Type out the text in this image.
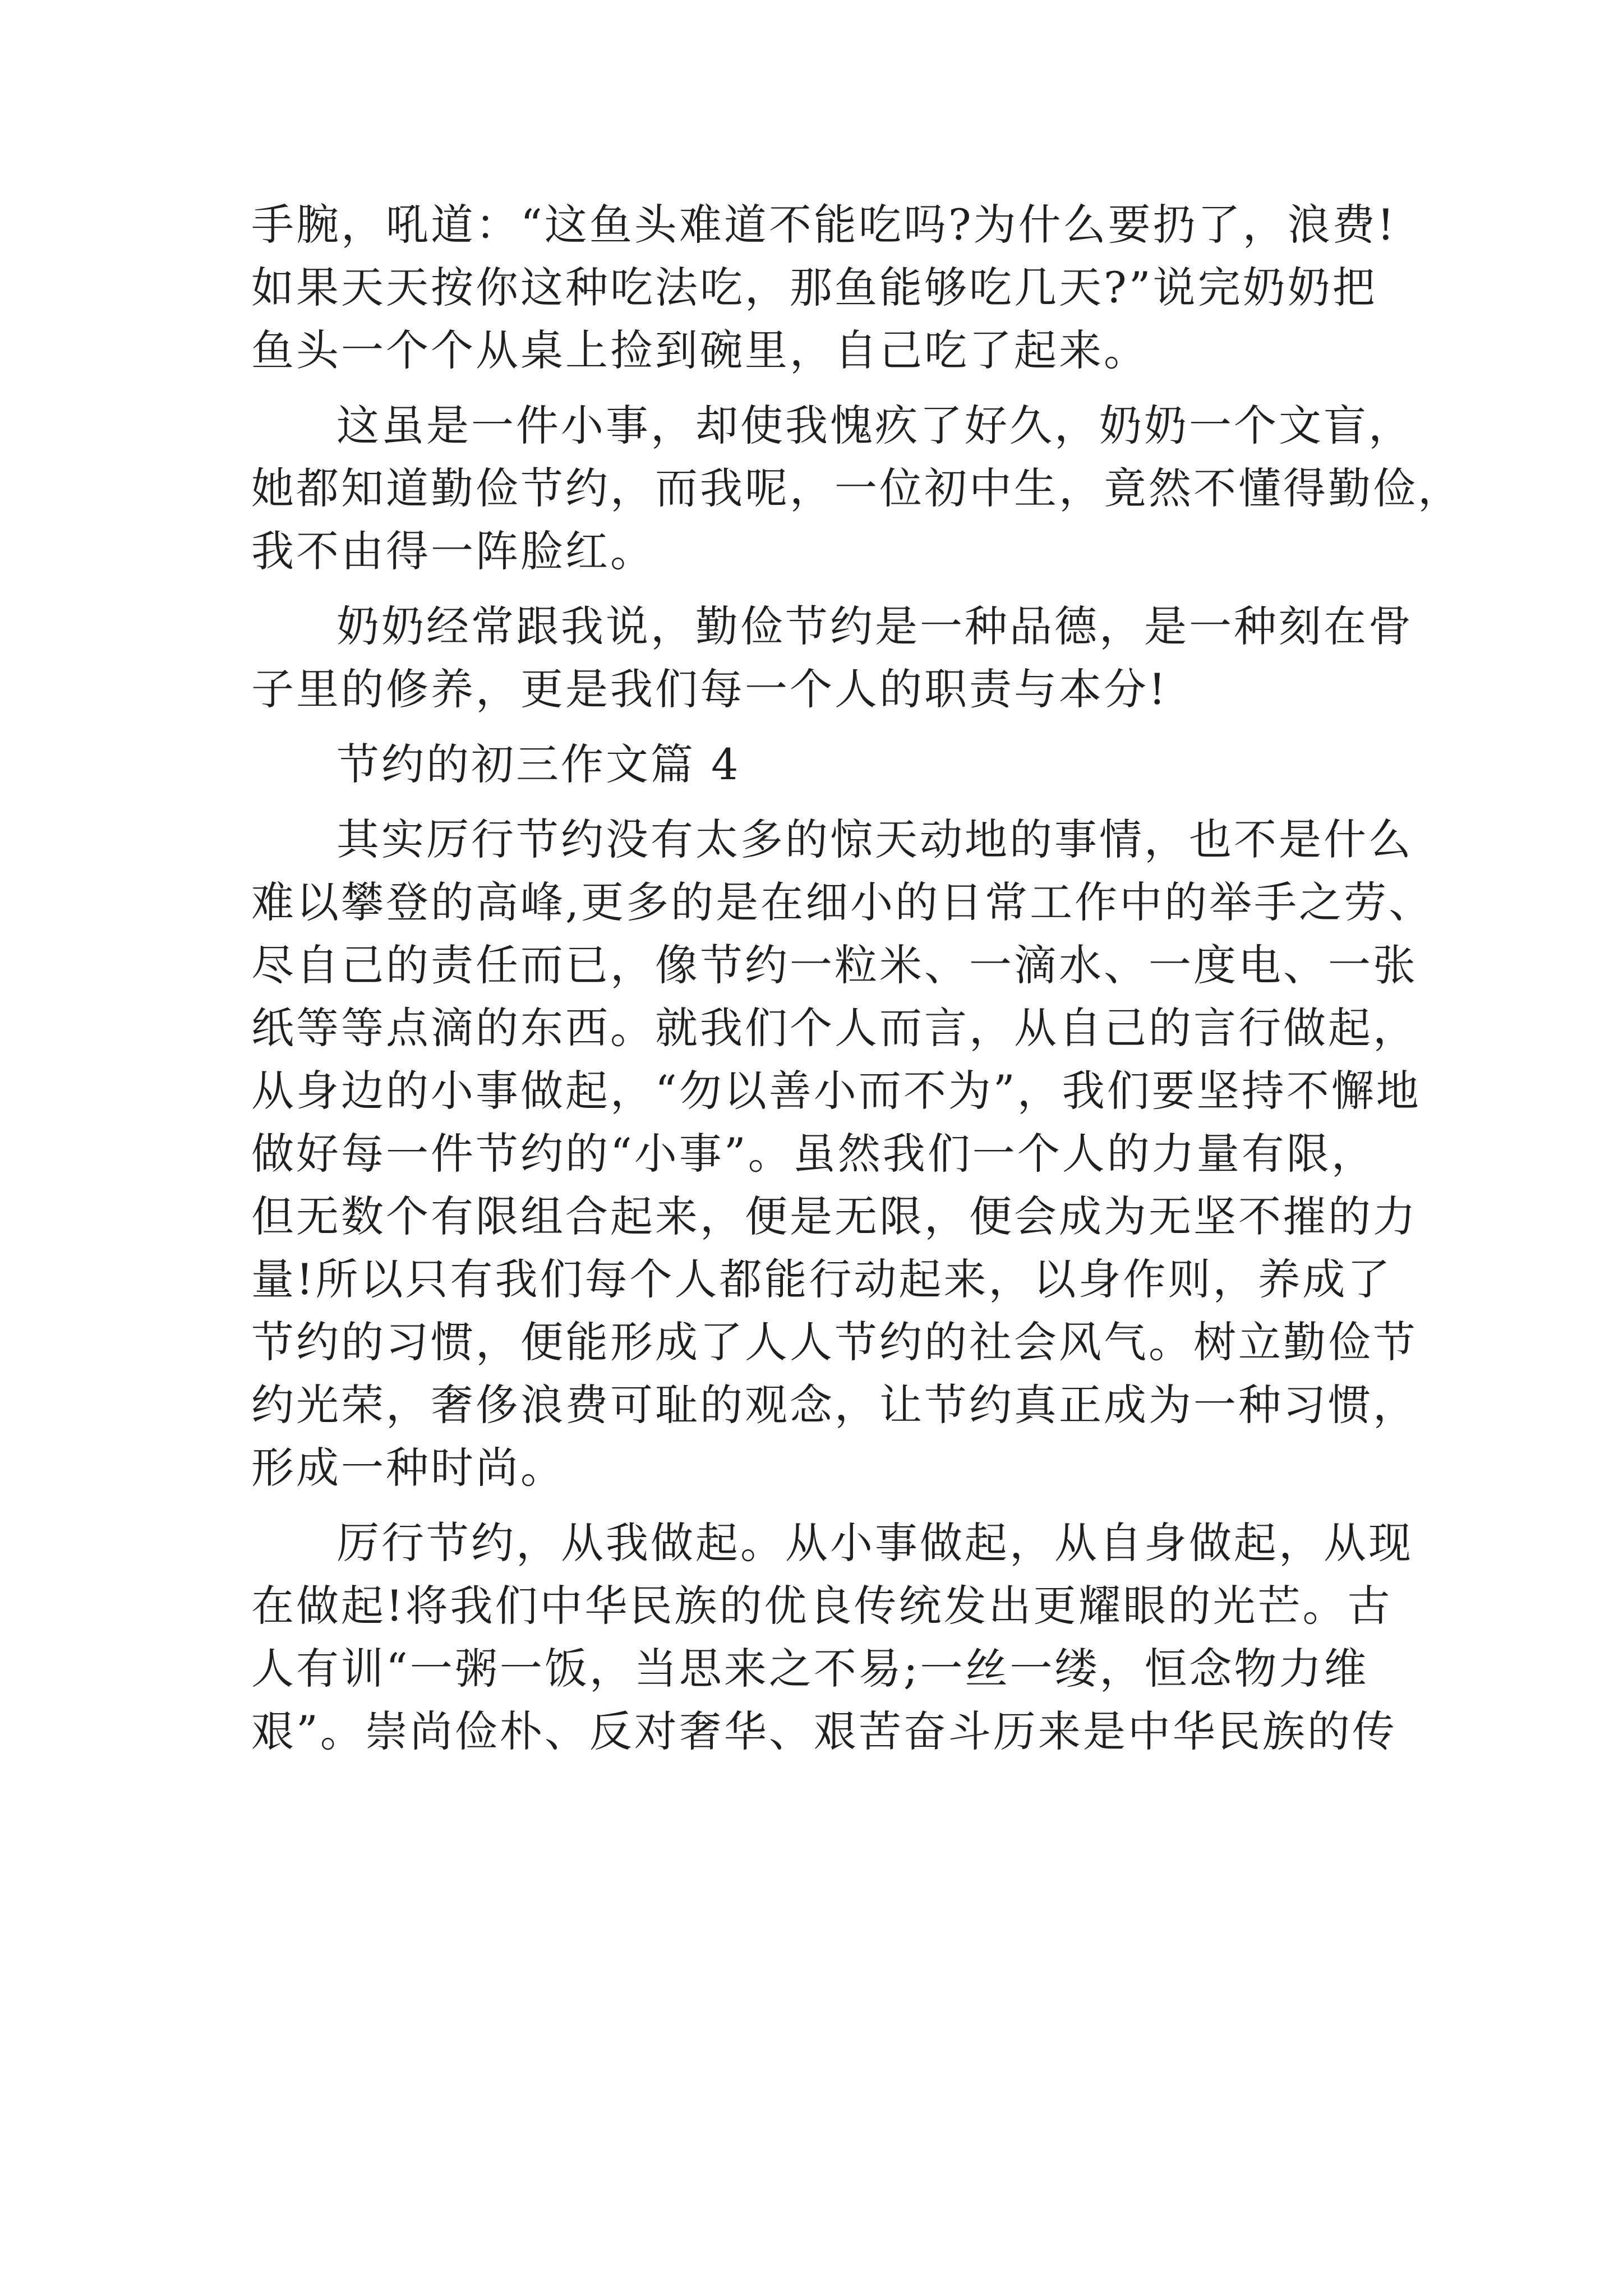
手腕，吼道：“这鱼头难道不能吃吗?为什么要扔了，浪费!
如果天天按你这种吃法吃，那鱼能够吃几天?”说完奶奶把
鱼头一个个从桌上捡到碗里，自己吃了起来。
这虽是一件小事，却使我愧疚了好久，奶奶一个文盲，
她都知道勤俭节约，而我呢，一位初中生，竟然不懂得勤俭，
我不由得一阵脸红。
奶奶经常跟我说，勤俭节约是一种品德，是一种刻在骨
子里的修养，更是我们每一个人的职责与本分!
节约的初三作文篇 4
其实厉行节约没有太多的惊天动地的事情，也不是什么
难以攀登的高峰,更多的是在细小的日常工作中的举手之劳、
尽自己的责任而已，像节约一粒米、一滴水、一度电、一张
纸等等点滴的东西。就我们个人而言，从自己的言行做起，
从身边的小事做起，“勿以善小而不为”，我们要坚持不懈地
做好每一件节约的“小事”。虽然我们一个人的力量有限，
但无数个有限组合起来，便是无限，便会成为无坚不摧的力
量!所以只有我们每个人都能行动起来，以身作则，养成了
节约的习惯，便能形成了人人节约的社会风气。树立勤俭节
约光荣，奢侈浪费可耻的观念，让节约真正成为一种习惯，
形成一种时尚。
厉行节约，从我做起。从小事做起，从自身做起，从现
在做起!将我们中华民族的优良传统发出更耀眼的光芒。古
人有训“一粥一饭，当思来之不易;一丝一缕，恒念物力维
艰”。崇尚俭朴、反对奢华、艰苦奋斗历来是中华民族的传
